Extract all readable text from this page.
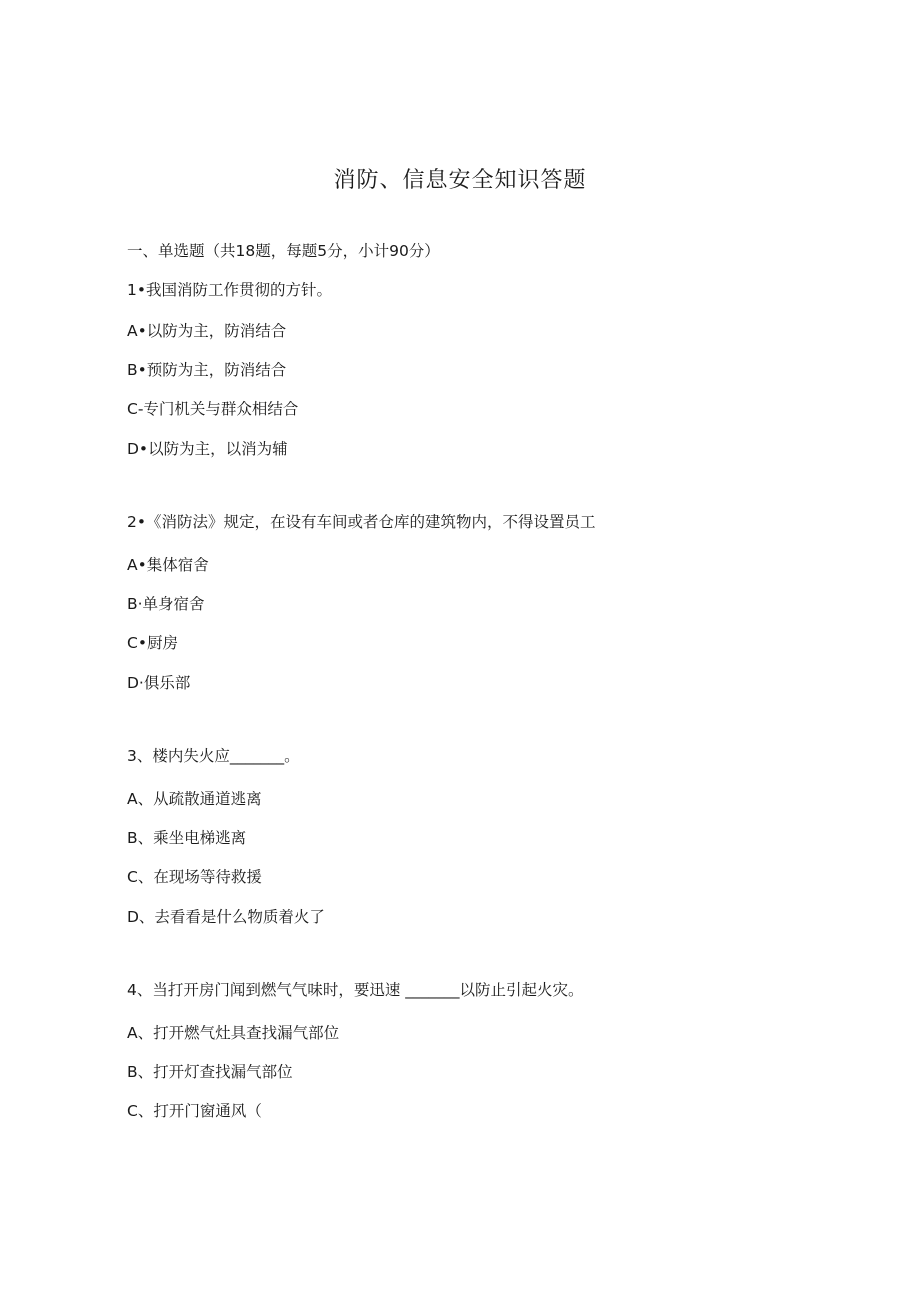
消防、信息安全知识答题
一、单选题（共18题，每题5分，小计90分）
1•我国消防工作贯彻的方针。
A•以防为主，防消结合
B•预防为主，防消结合
C-专门机关与群众相结合
D•以防为主，以消为辅
2•《消防法》规定，在设有车间或者仓库的建筑物内，不得设置员工
A•集体宿舍
B·单身宿舍
C•厨房
D·俱乐部
3、楼内失火应_______。
A、从疏散通道逃离
B、乘坐电梯逃离
C、在现场等待救援
D、去看看是什么物质着火了
4、当打开房门闻到燃气气味时，要迅速 _______以防止引起火灾。
A、打开燃气灶具查找漏气部位
B、打开灯查找漏气部位
C、打开门窗通风（
